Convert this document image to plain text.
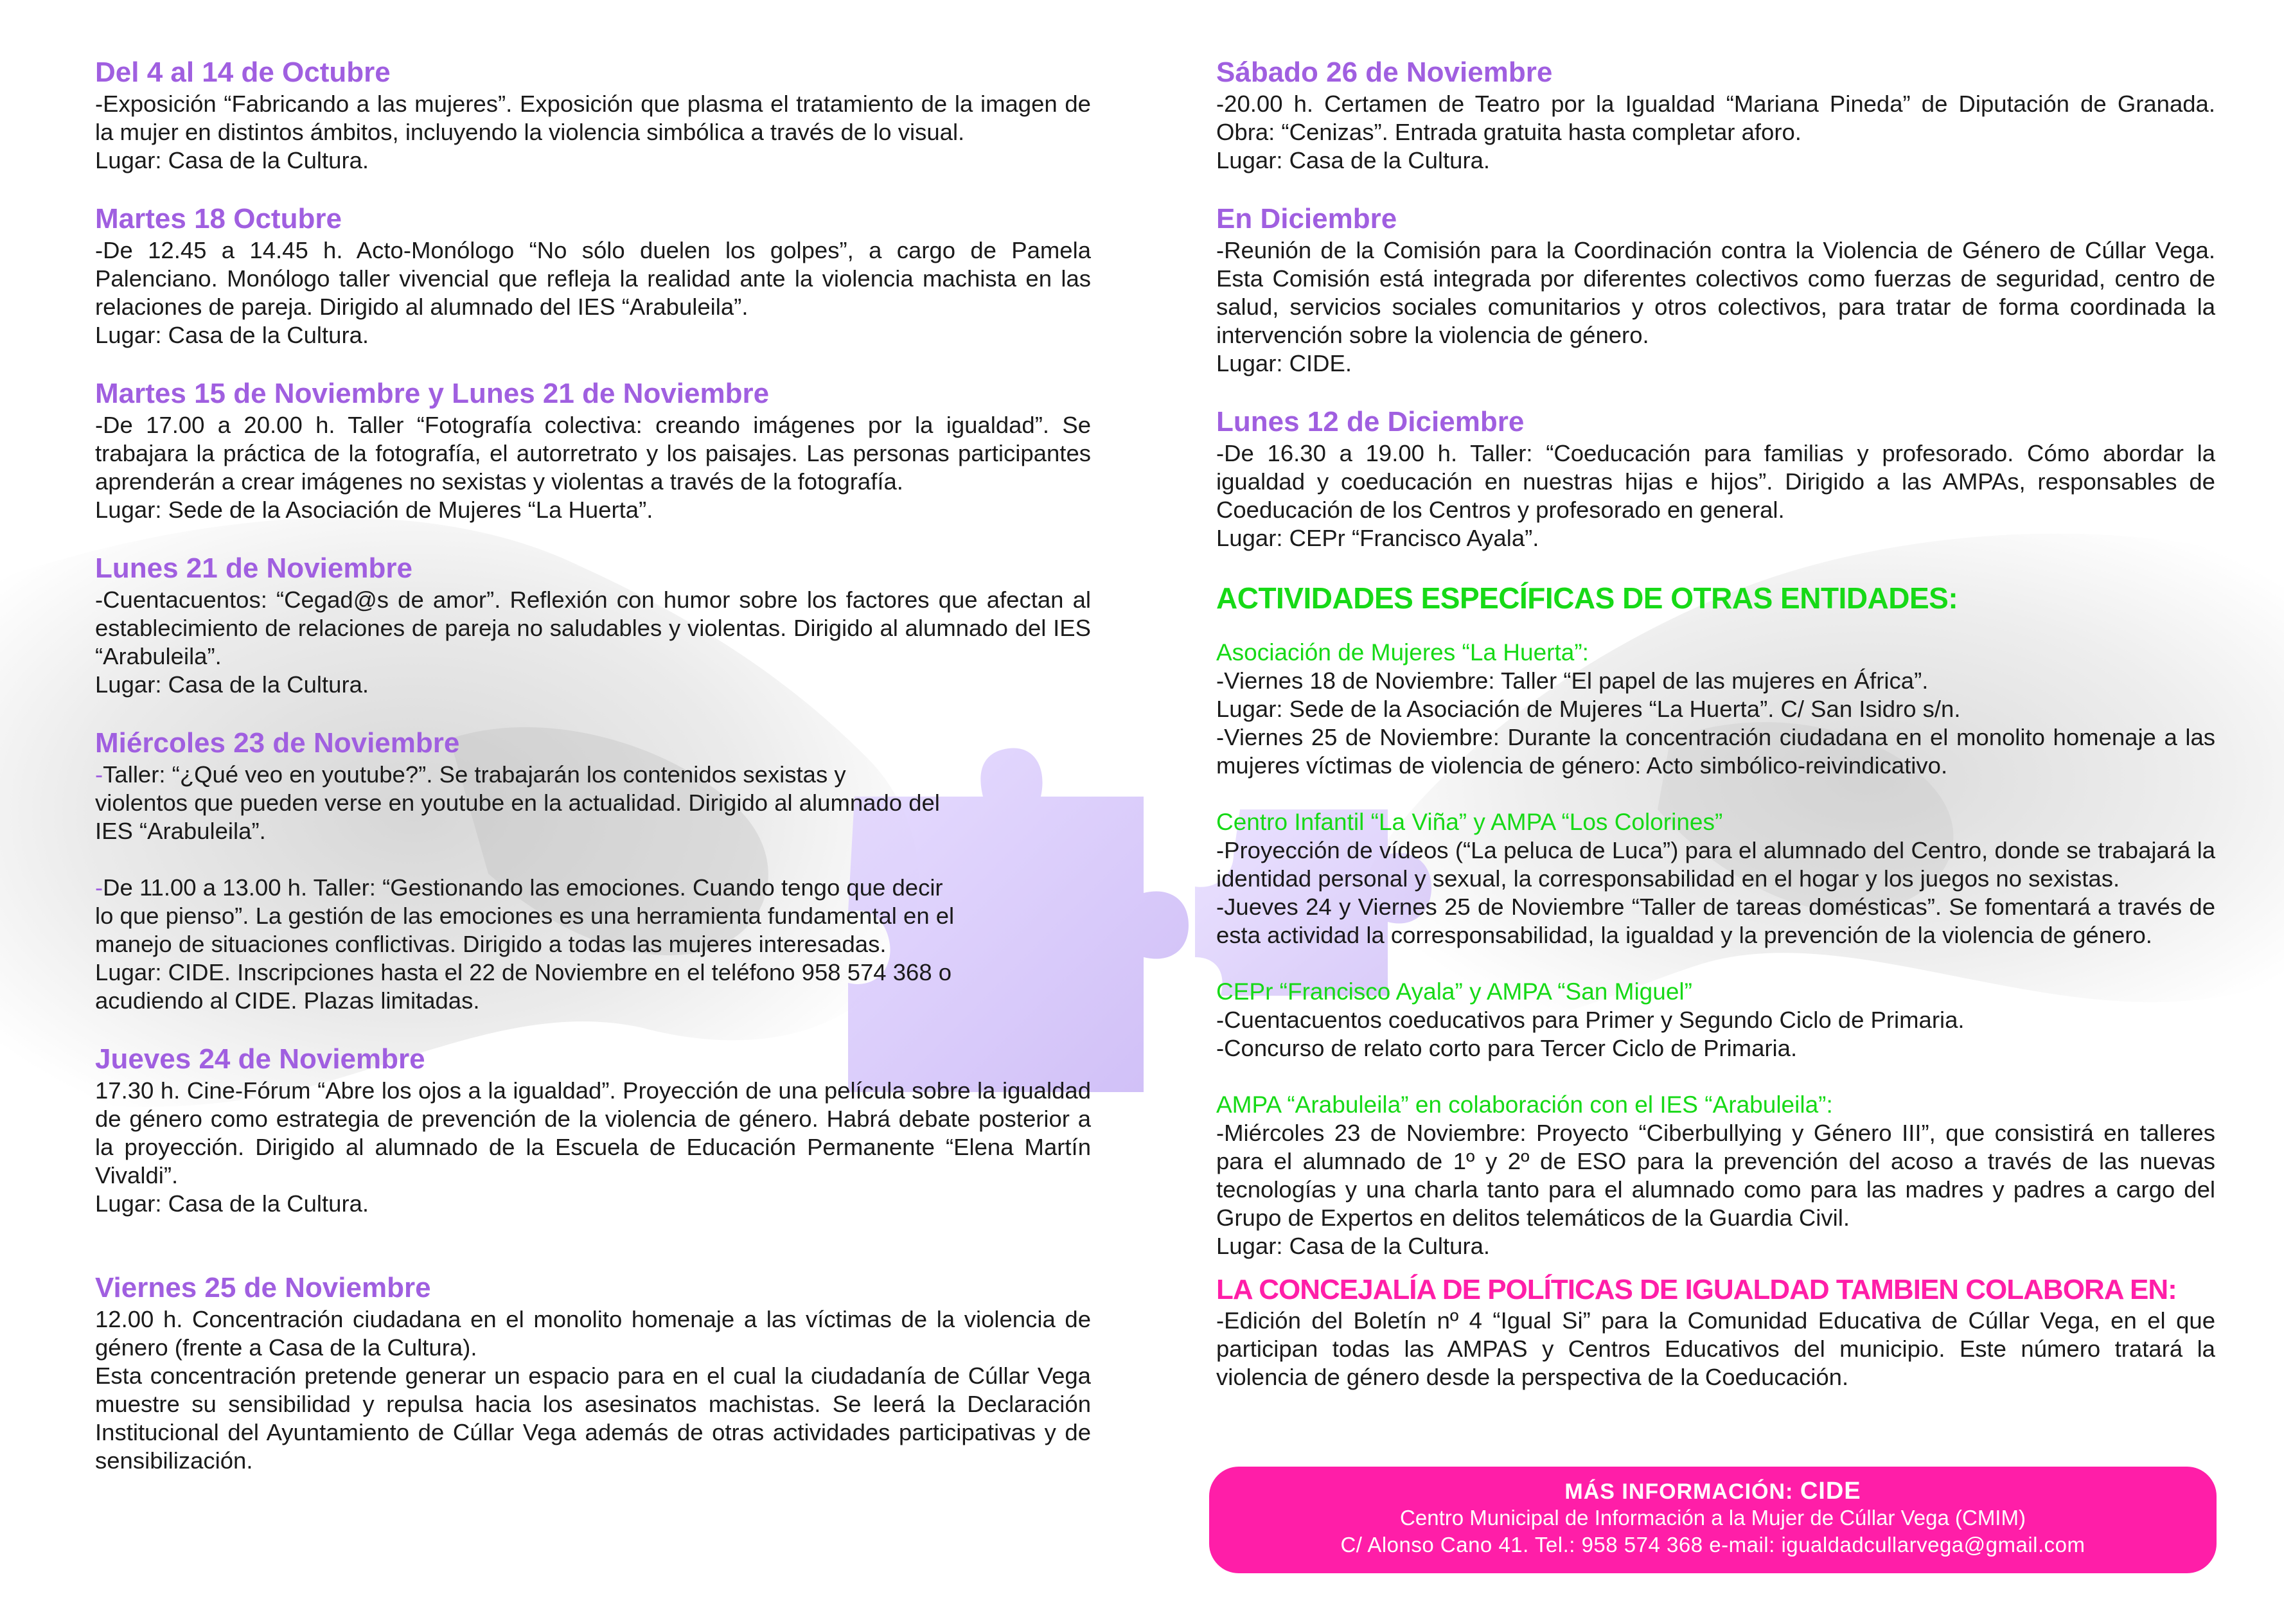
Del 4 al 14 de Octubre

-Exposición “Fabricando a las mujeres”. Exposición que plasma el tratamiento de la imagen de la mujer en distintos ámbitos, incluyendo la violencia simbólica a través de lo visual.

Lugar: Casa de la Cultura.

Martes 18 Octubre

-De 12.45 a 14.45 h. Acto-Monólogo “No sólo duelen los golpes”, a cargo de Pamela Palenciano. Monólogo taller vivencial que refleja la realidad ante la violencia machista en las relaciones de pareja. Dirigido al alumnado del IES “Arabuleila”.

Lugar: Casa de la Cultura.

Martes 15 de Noviembre y Lunes 21 de Noviembre

-De 17.00 a 20.00 h. Taller “Fotografía colectiva: creando imágenes por la igualdad”. Se trabajara la práctica de la fotografía, el autorretrato y los paisajes. Las personas participantes aprenderán a crear imágenes no sexistas y violentas a través de la fotografía.

Lugar: Sede de la Asociación de Mujeres “La Huerta”.

Lunes 21 de Noviembre

-Cuentacuentos: “Cegad@s de amor”. Reflexión con humor sobre los factores que afectan al establecimiento de relaciones de pareja no saludables y violentas. Dirigido al alumnado del IES “Arabuleila”.

Lugar: Casa de la Cultura.

Miércoles 23 de Noviembre

-Taller: “¿Qué veo en youtube?”. Se trabajarán los contenidos sexistas y violentos que pueden verse en youtube en la actualidad. Dirigido al alumnado del IES “Arabuleila”.

-De 11.00 a 13.00 h. Taller: “Gestionando las emociones. Cuando tengo que decir lo que pienso”. La gestión de las emociones es una herramienta fundamental en el manejo de situaciones conflictivas. Dirigido a todas las mujeres interesadas.

Lugar: CIDE. Inscripciones hasta el 22 de Noviembre en el teléfono 958 574 368 o acudiendo al CIDE. Plazas limitadas.

Jueves 24 de Noviembre

17.30 h. Cine-Fórum “Abre los ojos a la igualdad”. Proyección de una película sobre la igualdad de género como estrategia de prevención de la violencia de género. Habrá debate posterior a la proyección. Dirigido al alumnado de la Escuela de Educación Permanente “Elena Martín Vivaldi”.

Lugar: Casa de la Cultura.

Viernes 25 de Noviembre

12.00 h. Concentración ciudadana en el monolito homenaje a las víctimas de la violencia de género (frente a Casa de la Cultura).

Esta concentración pretende generar un espacio para en el cual la ciudadanía de Cúllar Vega muestre su sensibilidad y repulsa hacia los asesinatos machistas. Se leerá la Declaración Institucional del Ayuntamiento de Cúllar Vega además de otras actividades participativas y de sensibilización.

Sábado 26 de Noviembre

-20.00 h. Certamen de Teatro por la Igualdad “Mariana Pineda” de Diputación de Granada. Obra: “Cenizas”. Entrada gratuita hasta completar aforo.

Lugar: Casa de la Cultura.

En Diciembre

-Reunión de la Comisión para la Coordinación contra la Violencia de Género de Cúllar Vega. Esta Comisión está integrada por diferentes colectivos como fuerzas de seguridad, centro de salud, servicios sociales comunitarios y otros colectivos, para tratar de forma coordinada la intervención sobre la violencia de género.

Lugar: CIDE.

Lunes 12 de Diciembre

-De 16.30 a 19.00 h. Taller: “Coeducación para familias y profesorado. Cómo abordar la igualdad y coeducación en nuestras hijas e hijos”. Dirigido a las AMPAs, responsables de Coeducación de los Centros y profesorado en general.

Lugar: CEPr “Francisco Ayala”.

ACTIVIDADES ESPECÍFICAS DE OTRAS ENTIDADES:
Asociación de Mujeres “La Huerta”:

-Viernes 18 de Noviembre: Taller “El papel de las mujeres en África”.

Lugar: Sede de la Asociación de Mujeres “La Huerta”. C/ San Isidro s/n.

-Viernes 25 de Noviembre: Durante la concentración ciudadana en el monolito homenaje a las mujeres víctimas de violencia de género: Acto simbólico-reivindicativo.

Centro Infantil “La Viña” y AMPA “Los Colorines”

-Proyección de vídeos (“La peluca de Luca”) para el alumnado del Centro, donde se trabajará la identidad personal y sexual, la corresponsabilidad en el hogar y los juegos no sexistas.

-Jueves 24 y Viernes 25 de Noviembre “Taller de tareas domésticas”. Se fomentará a través de esta actividad la corresponsabilidad, la igualdad y la prevención de la violencia de género.

CEPr “Francisco Ayala” y AMPA “San Miguel”

-Cuentacuentos coeducativos para Primer y Segundo Ciclo de Primaria.

-Concurso de relato corto para Tercer Ciclo de Primaria.

AMPA “Arabuleila” en colaboración con el IES “Arabuleila”:

-Miércoles 23 de Noviembre: Proyecto “Ciberbullying y Género III”, que consistirá en talleres para el alumnado de 1º y 2º de ESO para la prevención del acoso a través de las nuevas tecnologías y una charla tanto para el alumnado como para las madres y padres a cargo del Grupo de Expertos en delitos telemáticos de la Guardia Civil.

Lugar: Casa de la Cultura.

LA CONCEJALÍA DE POLÍTICAS DE IGUALDAD TAMBIEN COLABORA EN:

-Edición del Boletín nº 4 “Igual Si” para la Comunidad Educativa de Cúllar Vega, en el que participan todas las AMPAS y Centros Educativos del municipio. Este número tratará la violencia de género desde la perspectiva de la Coeducación.

MÁS INFORMACIÓN: CIDE
Centro Municipal de Información a la Mujer de Cúllar Vega (CMIM)
C/ Alonso Cano 41. Tel.: 958 574 368 e-mail: igualdadcullarvega@gmail.com
